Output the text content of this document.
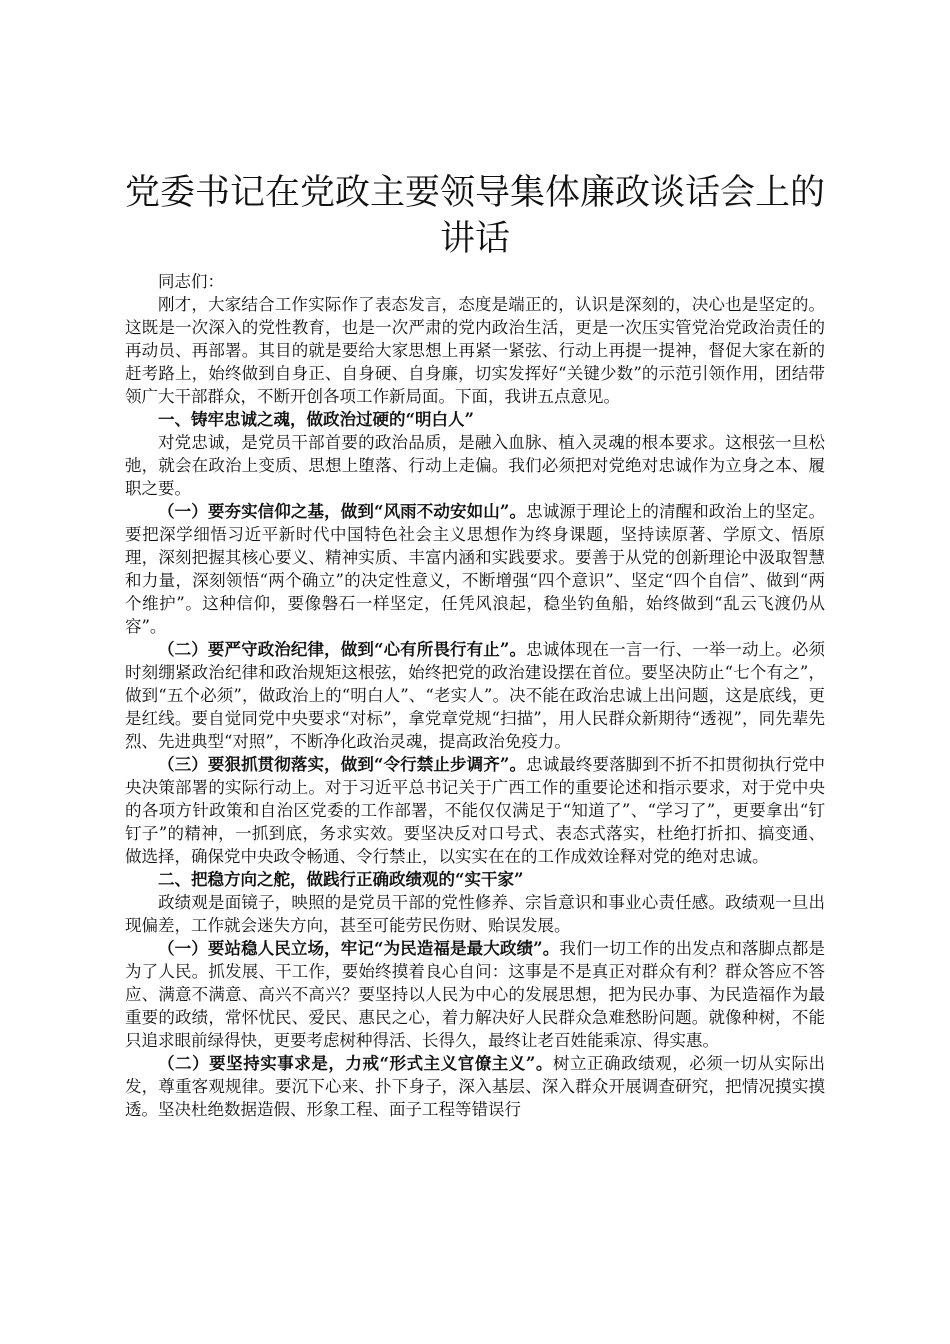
党委书记在党政主要领导集体廉政谈话会上的讲话

同志们：

刚才，大家结合工作实际作了表态发言，态度是端正的，认识是深刻的，决心也是坚定的。这既是一次深入的党性教育，也是一次严肃的党内政治生活，更是一次压实管党治党政治责任的再动员、再部署。其目的就是要给大家思想上再紧一紧弦、行动上再提一提神，督促大家在新的赶考路上，始终做到自身正、自身硬、自身廉，切实发挥好“关键少数”的示范引领作用，团结带领广大干部群众，不断开创各项工作新局面。下面，我讲五点意见。

一、铸牢忠诚之魂，做政治过硬的“明白人”

对党忠诚，是党员干部首要的政治品质，是融入血脉、植入灵魂的根本要求。这根弦一旦松弛，就会在政治上变质、思想上堕落、行动上走偏。我们必须把对党绝对忠诚作为立身之本、履职之要。

（一）要夯实信仰之基，做到“风雨不动安如山”。忠诚源于理论上的清醒和政治上的坚定。要把深学细悟习近平新时代中国特色社会主义思想作为终身课题，坚持读原著、学原文、悟原理，深刻把握其核心要义、精神实质、丰富内涵和实践要求。要善于从党的创新理论中汲取智慧和力量，深刻领悟“两个确立”的决定性意义，不断增强“四个意识”、坚定“四个自信”、做到“两个维护”。这种信仰，要像磐石一样坚定，任凭风浪起，稳坐钓鱼船，始终做到“乱云飞渡仍从容”。

（二）要严守政治纪律，做到“心有所畏行有止”。忠诚体现在一言一行、一举一动上。必须时刻绷紧政治纪律和政治规矩这根弦，始终把党的政治建设摆在首位。要坚决防止“七个有之”，做到“五个必须”，做政治上的“明白人”、“老实人”。决不能在政治忠诚上出问题，这是底线，更是红线。要自觉同党中央要求“对标”，拿党章党规“扫描”，用人民群众新期待“透视”，同先辈先烈、先进典型“对照”，不断净化政治灵魂，提高政治免疫力。

（三）要狠抓贯彻落实，做到“令行禁止步调齐”。忠诚最终要落脚到不折不扣贯彻执行党中央决策部署的实际行动上。对于习近平总书记关于广西工作的重要论述和指示要求，对于党中央的各项方针政策和自治区党委的工作部署，不能仅仅满足于“知道了”、“学习了”，更要拿出“钉钉子”的精神，一抓到底，务求实效。要坚决反对口号式、表态式落实，杜绝打折扣、搞变通、做选择，确保党中央政令畅通、令行禁止，以实实在在的工作成效诠释对党的绝对忠诚。

二、把稳方向之舵，做践行正确政绩观的“实干家”

政绩观是面镜子，映照的是党员干部的党性修养、宗旨意识和事业心责任感。政绩观一旦出现偏差，工作就会迷失方向，甚至可能劳民伤财、贻误发展。

（一）要站稳人民立场，牢记“为民造福是最大政绩”。我们一切工作的出发点和落脚点都是为了人民。抓发展、干工作，要始终摸着良心自问：这事是不是真正对群众有利？群众答应不答应、满意不满意、高兴不高兴？要坚持以人民为中心的发展思想，把为民办事、为民造福作为最重要的政绩，常怀忧民、爱民、惠民之心，着力解决好人民群众急难愁盼问题。就像种树，不能只追求眼前绿得快，更要考虑树种得活、长得久，最终让老百姓能乘凉、得实惠。

（二）要坚持实事求是，力戒“形式主义官僚主义”。树立正确政绩观，必须一切从实际出发，尊重客观规律。要沉下心来、扑下身子，深入基层、深入群众开展调查研究，把情况摸实摸透。坚决杜绝数据造假、形象工程、面子工程等错误行
